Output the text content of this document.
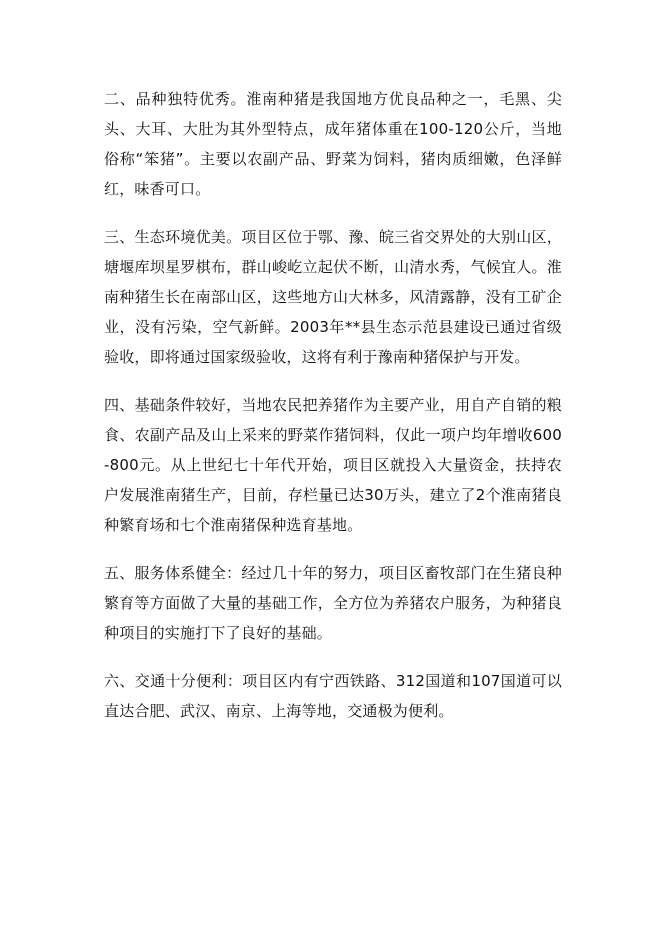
二、品种独特优秀。淮南种猪是我国地方优良品种之一，毛黑、尖头、大耳、大肚为其外型特点，成年猪体重在100-120公斤，当地俗称“笨猪”。主要以农副产品、野菜为饲料，猪肉质细嫩，色泽鲜红，味香可口。

三、生态环境优美。项目区位于鄂、豫、皖三省交界处的大别山区，塘堰库坝星罗棋布，群山峻屹立起伏不断，山清水秀，气候宜人。淮南种猪生长在南部山区，这些地方山大林多，风清露静，没有工矿企业，没有污染，空气新鲜。2003年**县生态示范县建设已通过省级验收，即将通过国家级验收，这将有利于豫南种猪保护与开发。

四、基础条件较好，当地农民把养猪作为主要产业，用自产自销的粮食、农副产品及山上采来的野菜作猪饲料，仅此一项户均年增收600-800元。从上世纪七十年代开始，项目区就投入大量资金，扶持农户发展淮南猪生产，目前，存栏量已达30万头，建立了2个淮南猪良种繁育场和七个淮南猪保种选育基地。

五、服务体系健全：经过几十年的努力，项目区畜牧部门在生猪良种繁育等方面做了大量的基础工作，全方位为养猪农户服务，为种猪良种项目的实施打下了良好的基础。

六、交通十分便利：项目区内有宁西铁路、312国道和107国道可以直达合肥、武汉、南京、上海等地，交通极为便利。
